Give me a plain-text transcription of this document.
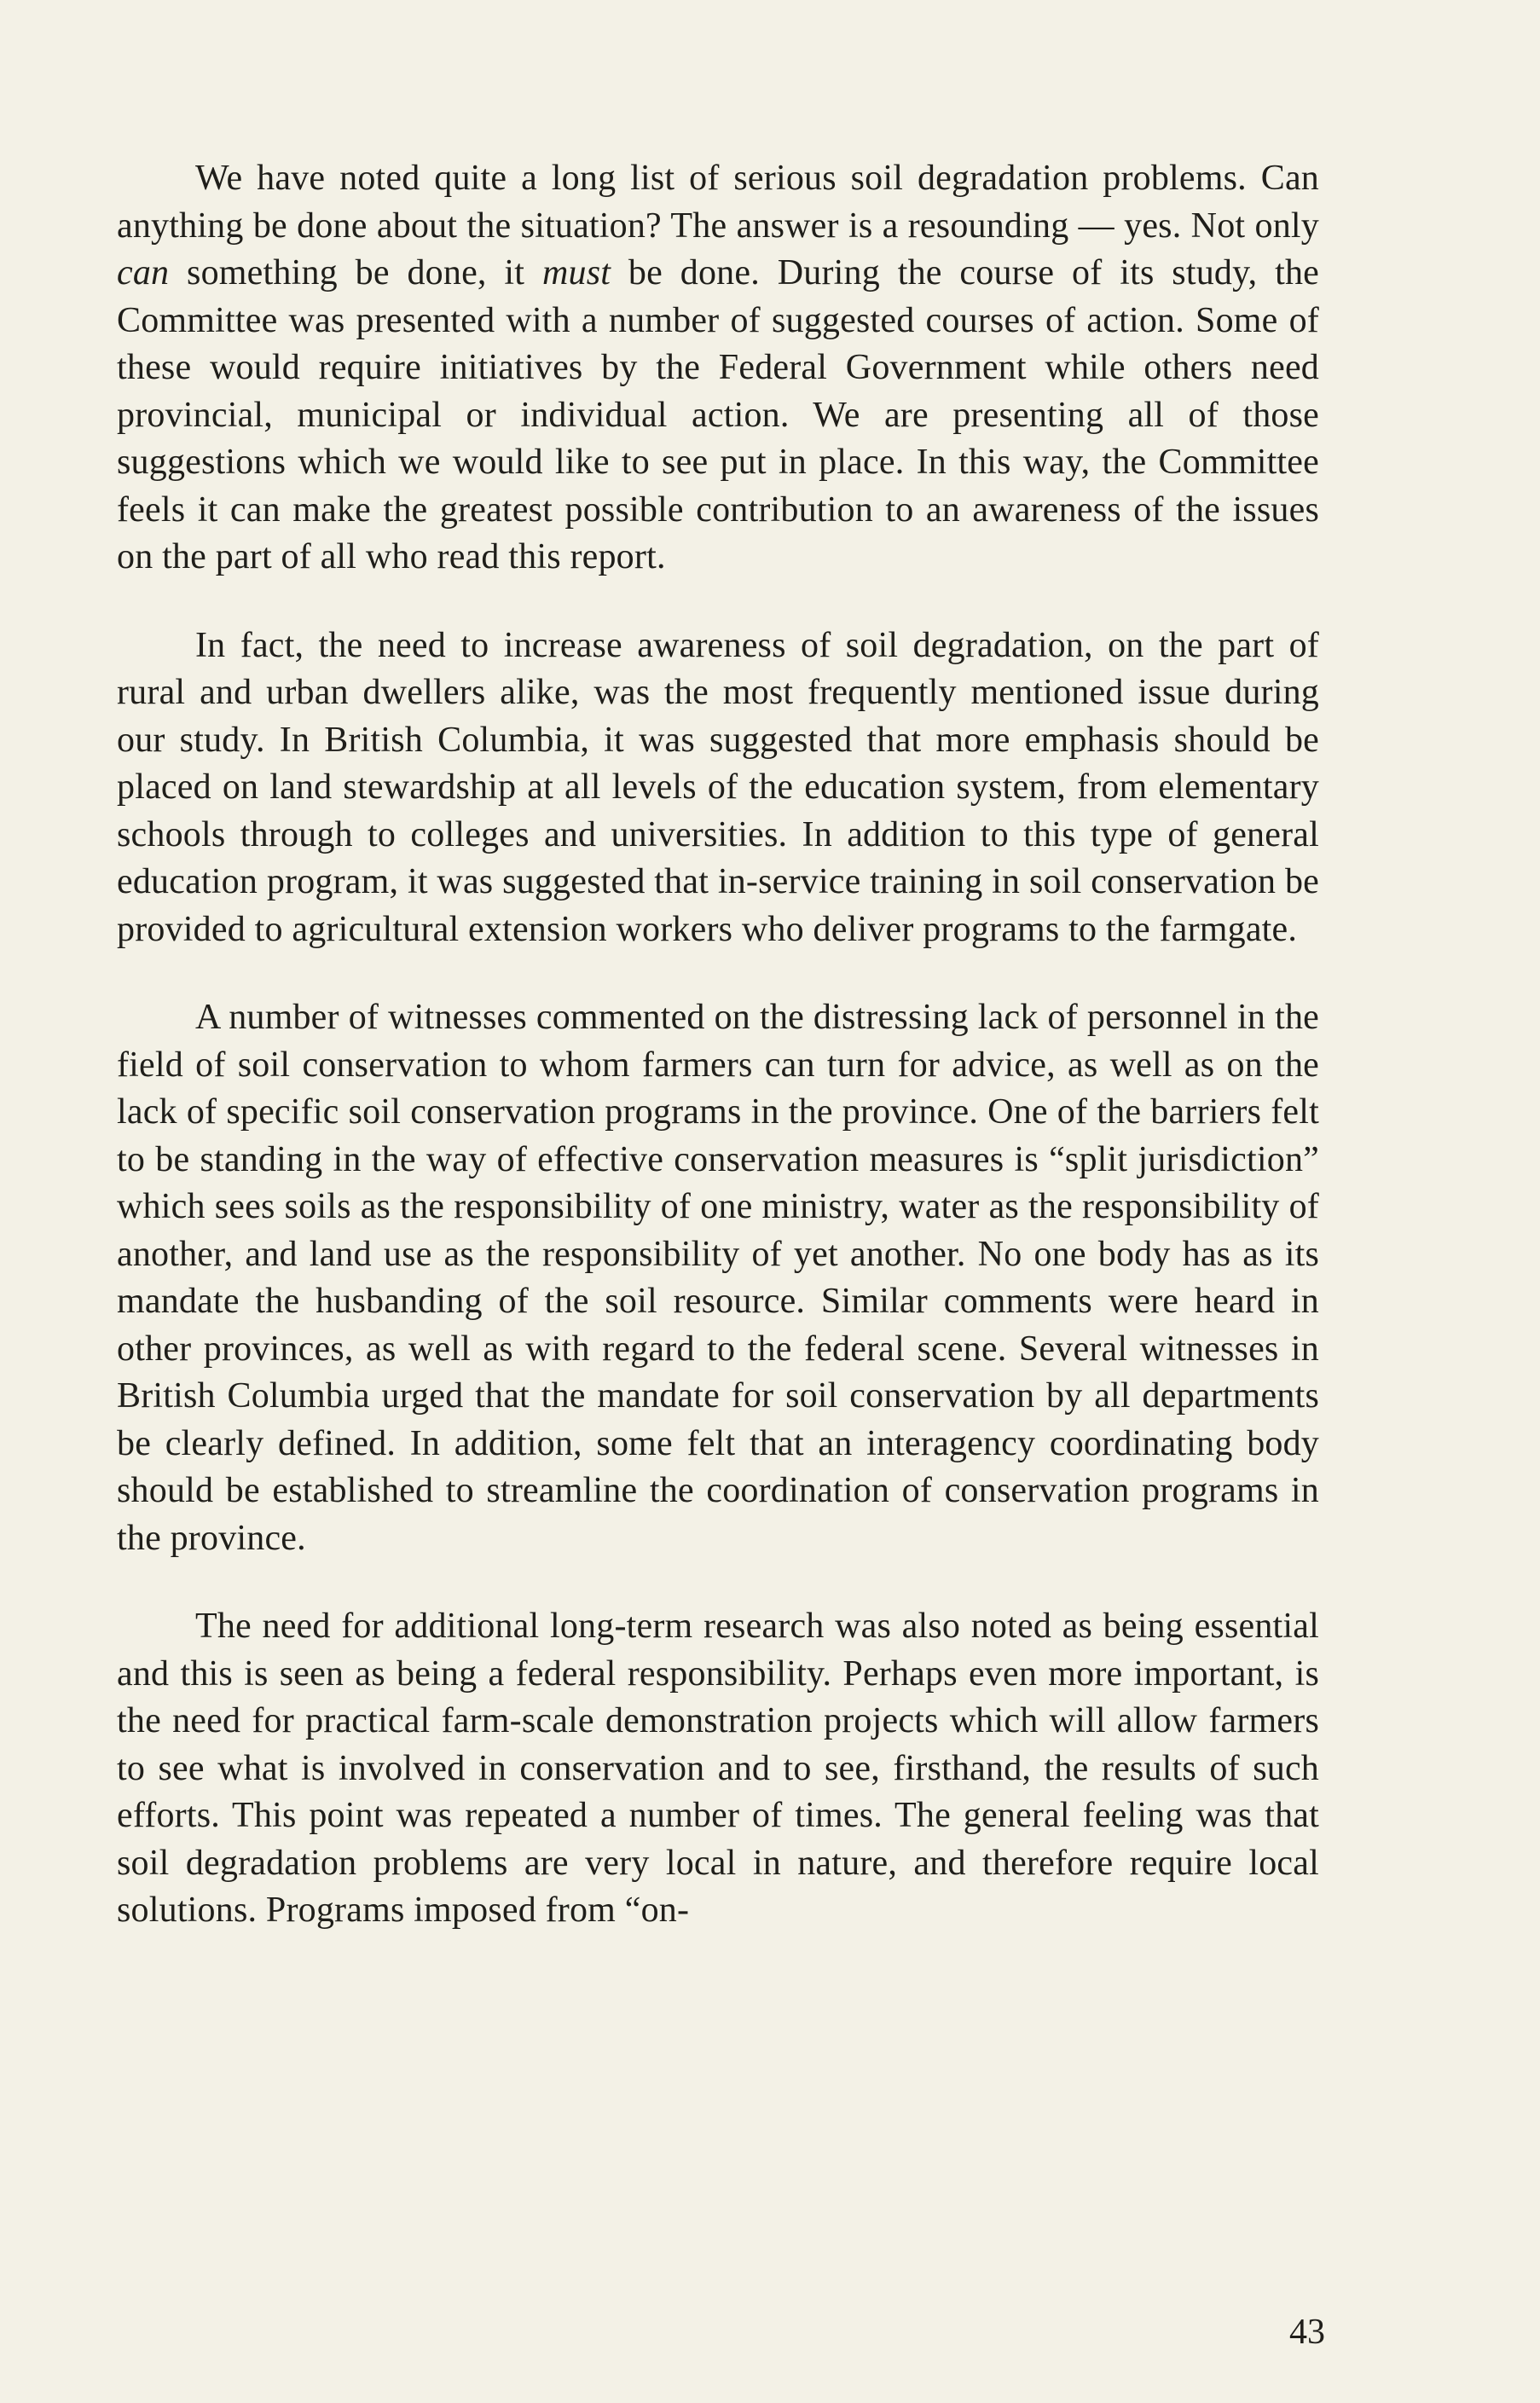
We have noted quite a long list of serious soil degradation problems. Can anything be done about the situation? The answer is a resounding — yes. Not only can something be done, it must be done. During the course of its study, the Committee was presented with a number of suggested courses of action. Some of these would require initiatives by the Federal Government while others need provincial, municipal or individual action. We are presenting all of those suggestions which we would like to see put in place. In this way, the Committee feels it can make the greatest possible contribution to an awareness of the issues on the part of all who read this report.

In fact, the need to increase awareness of soil degradation, on the part of rural and urban dwellers alike, was the most frequently mentioned issue during our study. In British Columbia, it was suggested that more emphasis should be placed on land stewardship at all levels of the education system, from elementary schools through to colleges and universities. In addition to this type of general education program, it was suggested that in-service training in soil conservation be provided to agricultural extension workers who deliver programs to the farmgate.

A number of witnesses commented on the distressing lack of personnel in the field of soil conservation to whom farmers can turn for advice, as well as on the lack of specific soil conservation programs in the province. One of the barriers felt to be standing in the way of effective conservation measures is “split jurisdiction” which sees soils as the responsibility of one ministry, water as the responsibility of another, and land use as the responsibility of yet another. No one body has as its mandate the husbanding of the soil resource. Similar comments were heard in other provinces, as well as with regard to the federal scene. Several witnesses in British Columbia urged that the mandate for soil conservation by all departments be clearly defined. In addition, some felt that an interagency coordinating body should be established to streamline the coordination of conservation programs in the province.

The need for additional long-term research was also noted as being essential and this is seen as being a federal responsibility. Perhaps even more important, is the need for practical farm-scale demonstration projects which will allow farmers to see what is involved in conservation and to see, firsthand, the results of such efforts. This point was repeated a number of times. The general feeling was that soil degradation problems are very local in nature, and therefore require local solutions. Programs imposed from “on-

43
